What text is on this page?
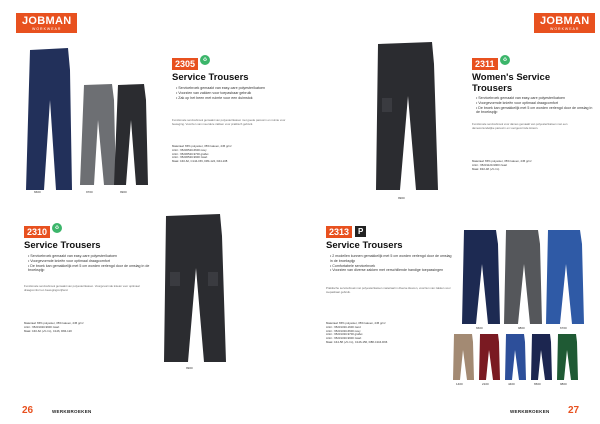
JOBMAN
WORKWEAR
6600	9700	9900
2305	♻
Service Trousers
• Servicebroek gemaakt van easy-care polyester/katoen
• Voorzien van zakken voor toepasbaar gebruik
• Zak op het been met ruimte voor een duimstok
Functionele servicebroek gemaakt van polyester/katoen met goede pasvorm en ruimte voor beweging. Voorzien van meerdere zakken voor praktisch gebruik.
Materiaal: 65% polyester, 35% katoen, 245 g/m²
Artnr.: 65230520-6600 navy
Artnr.: 65230520-9700 grafiet
Artnr.: 65230520-9900 zwart
Maat: C40-62, C144-156, D84-124, D44-108
2310	♻
Service Trousers
• Servicebroek gemaakt van easy-care polyester/katoen
• Voorgevormde knieën voor optimaal draagcomfort
• De broek kan gemakkelijk met 5 cm worden verlengd door de omslag in de broekspijp
Functionele servicebroek gemaakt van polyester/katoen. Voorgevormde knieën voor optimaal draagcomfort en bewegingsvrijheid.
Materiaal: 65% polyester, 35% katoen, 245 g/m²
Artnr.: 65231020-9900 zwart
Maat: C40-62 (+5 cm), C146, D84-120
9900
26	WERKBROEKEN
JOBMAN
WORKWEAR
9900
2311	♻
Women's Service Trousers
• Servicebroek gemaakt van easy-care polyester/katoen
• Voorgevormde knieën voor optimaal draagcomfort
• De broek kan gemakkelijk met 5 cm worden verlengd door de omslag in de broekspijp
Functionele servicebroek voor dames gemaakt van polyester/katoen met een damesvriendelijke pasvorm en voorgevormde knieën.
Materiaal: 65% polyester, 35% katoen, 245 g/m²
Artnr.: 65231120-9900 zwart
Maat: D32-48 (+5 cm)
2313	P
Service Trousers
• 2 modellen kunnen gemakkelijk met 5 cm worden verlengd door de omslag in de broekspijp
• Comfortabele servicebroek
• Voorzien van diverse zakken met verschillende handige toepassingen
Praktische servicebroek met polyester/katoen materiaal in diverse kleuren, voorzien van zakken voor toepasbaar gebruik.
Materiaal: 65% polyester, 35% katoen, 245 g/m²
Artnr.: 65231320-1600 zand
Artnr.: 65231320-6600 navy
Artnr.: 65231320-9700 grafiet
Artnr.: 65231320-9900 zwart
Maat: C44-58 (+5 cm), C146-156, D88-C116-D96
6600	9800	6700
1400	2100	4400	6500	9800
WERKBROEKEN 27
